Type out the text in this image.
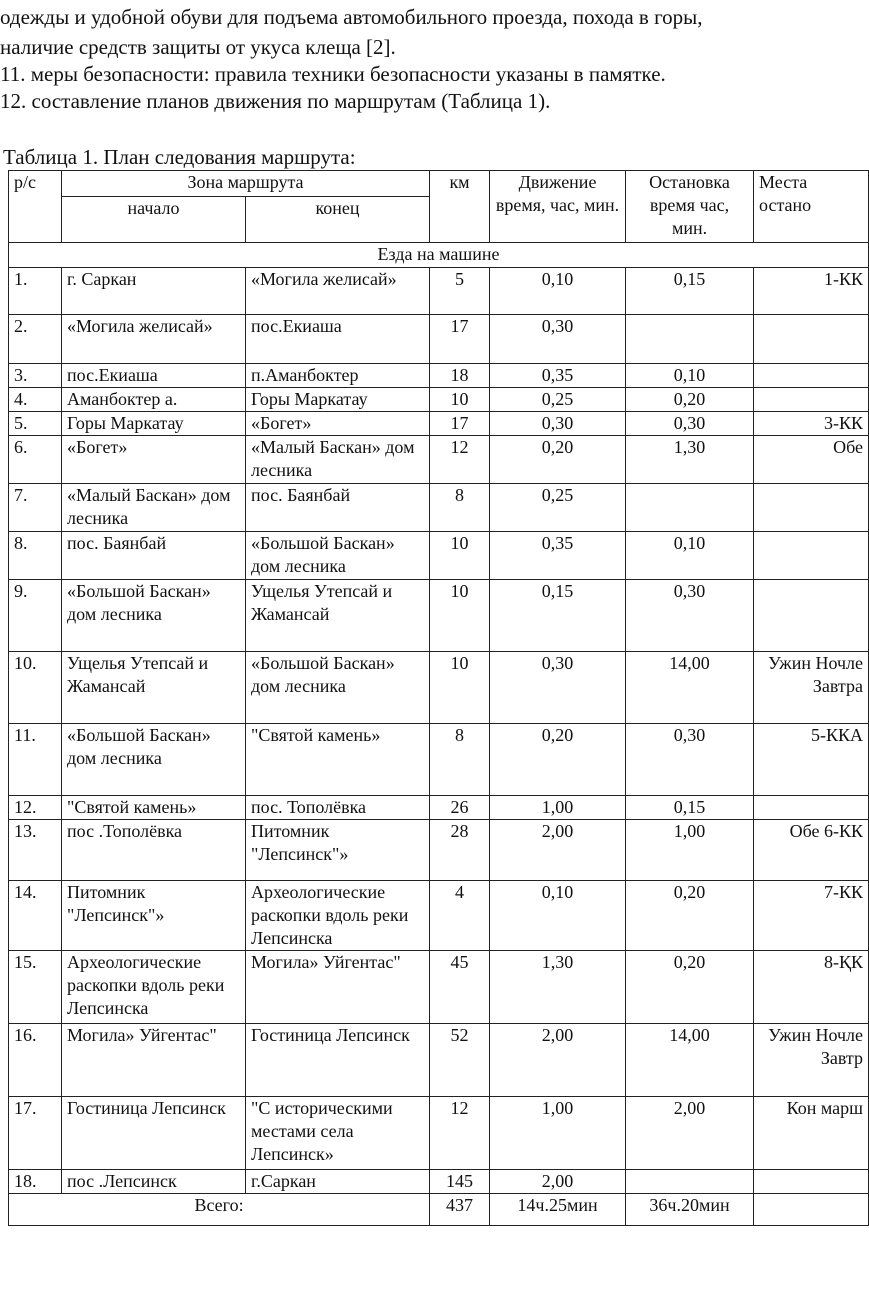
одежды и удобной обуви для подъема автомобильного проезда, похода в горы,
наличие средств защиты от укуса клеща [2].
11. меры безопасности: правила техники безопасности указаны в памятке.
12. составление планов движения по маршрутам (Таблица 1).
Таблица 1. План следования маршрута:
р/с	Зона маршрута		км	Движение время, час, мин.	Остановка время час, мин.	Места остано
	начало	конец				
Езда на машине						
1.	г. Саркан	«Могила желисай»	5	0,10	0,15	1-КК
2.	«Могила желисай»	пос.Екиаша	17	0,30		
3.	пос.Екиаша	п.Аманбоктер	18	0,35	0,10	
4.	Аманбоктер а.	Горы Маркатау	10	0,25	0,20	
5.	Горы Маркатау	«Богет»	17	0,30	0,30	3-КК
6.	«Богет»	«Малый Баскан» дом лесника	12	0,20	1,30	Обе
7.	«Малый Баскан» дом лесника	пос. Баянбай	8	0,25		
8.	пос. Баянбай	«Большой Баскан» дом лесника	10	0,35	0,10	
9.	«Большой Баскан» дом лесника	Ущелья Утепсай и Жамансай	10	0,15	0,30	
10.	Ущелья Утепсай и Жамансай	«Большой Баскан» дом лесника	10	0,30	14,00	Ужин Ночле Завтра
11.	«Большой Баскан» дом лесника	"Святой камень»	8	0,20	0,30	5-ККА
12.	"Святой камень»	пос. Тополёвка	26	1,00	0,15	
13.	пос .Тополёвка	Питомник "Лепсинск"»	28	2,00	1,00	Обе 6-КК
14.	Питомник "Лепсинск"»	Археологические раскопки вдоль реки Лепсинска	4	0,10	0,20	7-КК
15.	Археологические раскопки вдоль реки Лепсинска	Могила» Уйгентас"	45	1,30	0,20	8-ҚК
16.	Могила» Уйгентас"	Гостиница Лепсинск	52	2,00	14,00	Ужин Ночле Завтр
17.	Гостиница Лепсинск	"С историческими местами села Лепсинск»	12	1,00	2,00	Кон марш
18.	пос .Лепсинск	г.Саркан	145	2,00		
Всего:			437	14ч.25мин	36ч.20мин	
